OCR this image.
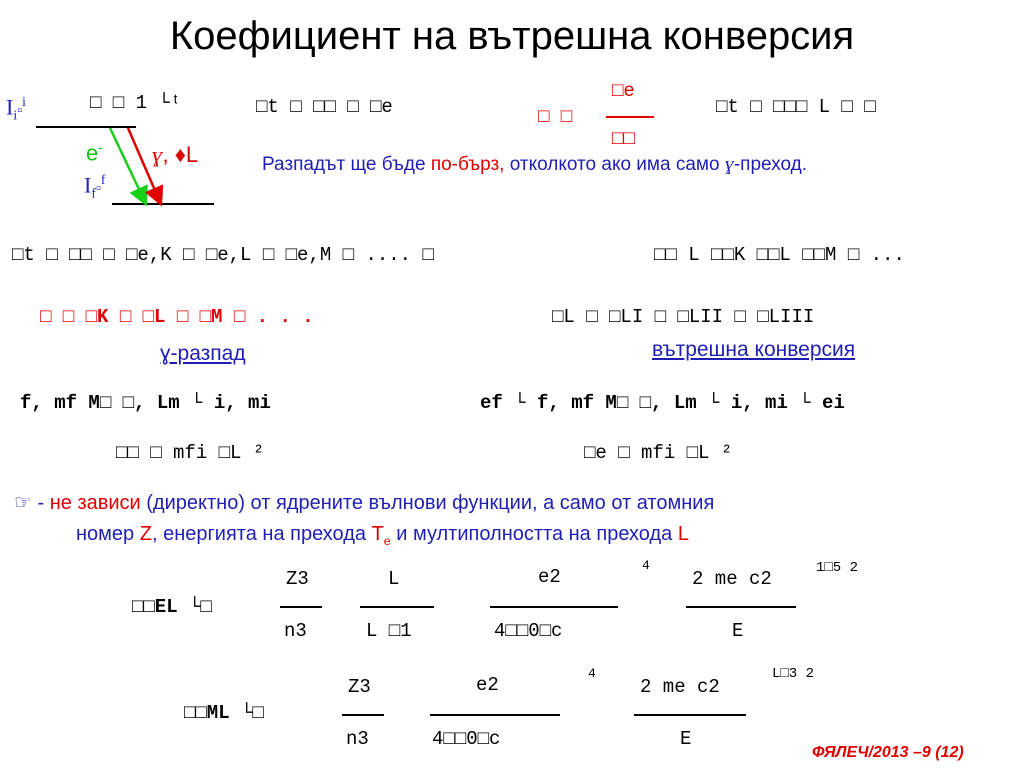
Коефициент на вътрешна конверсия
$I_i▫^i$
$I_f▫^f$
e- ɣ, ♦L
□ □ 1 └ᵗ	□t □ □□ □ □e	□ □
□e
□□
□t □ □□□ L □ □
Разпадът ще бъде по-бърз, отколкото ако има само ɣ-преход.
□t □ □□ □ □e,K □ □e,L □ □e,M □ .... □	□□ L □□K □□L □□M □ ...
□ □ □K □ □L □ □M □ . . .	□L □ □LI □ □LII □ □LIII
ɣ-разпад	вътрешна конверсия
f, mf M□ □, Lm └ i, mi	ef └ f, mf M□ □, Lm └ i, mi └ ei
□□ □ mfi □L ²	□e □ mfi □L ²
☞ - не зависи (директно) от ядрените вълнови функции, а само от атомния
номер Z, енергията на прехода $T_e$ и мултиполността на прехода L
□□EL └□
Z3
n3
L
L □1
e2
4□□0□c
4
2 me c2
E
1□5 2
□□ML └□
Z3
n3
e2
4□□0□c
4
2 me c2
E
L□3 2
ФЯЛЕЧ/2013 –9 (12)
